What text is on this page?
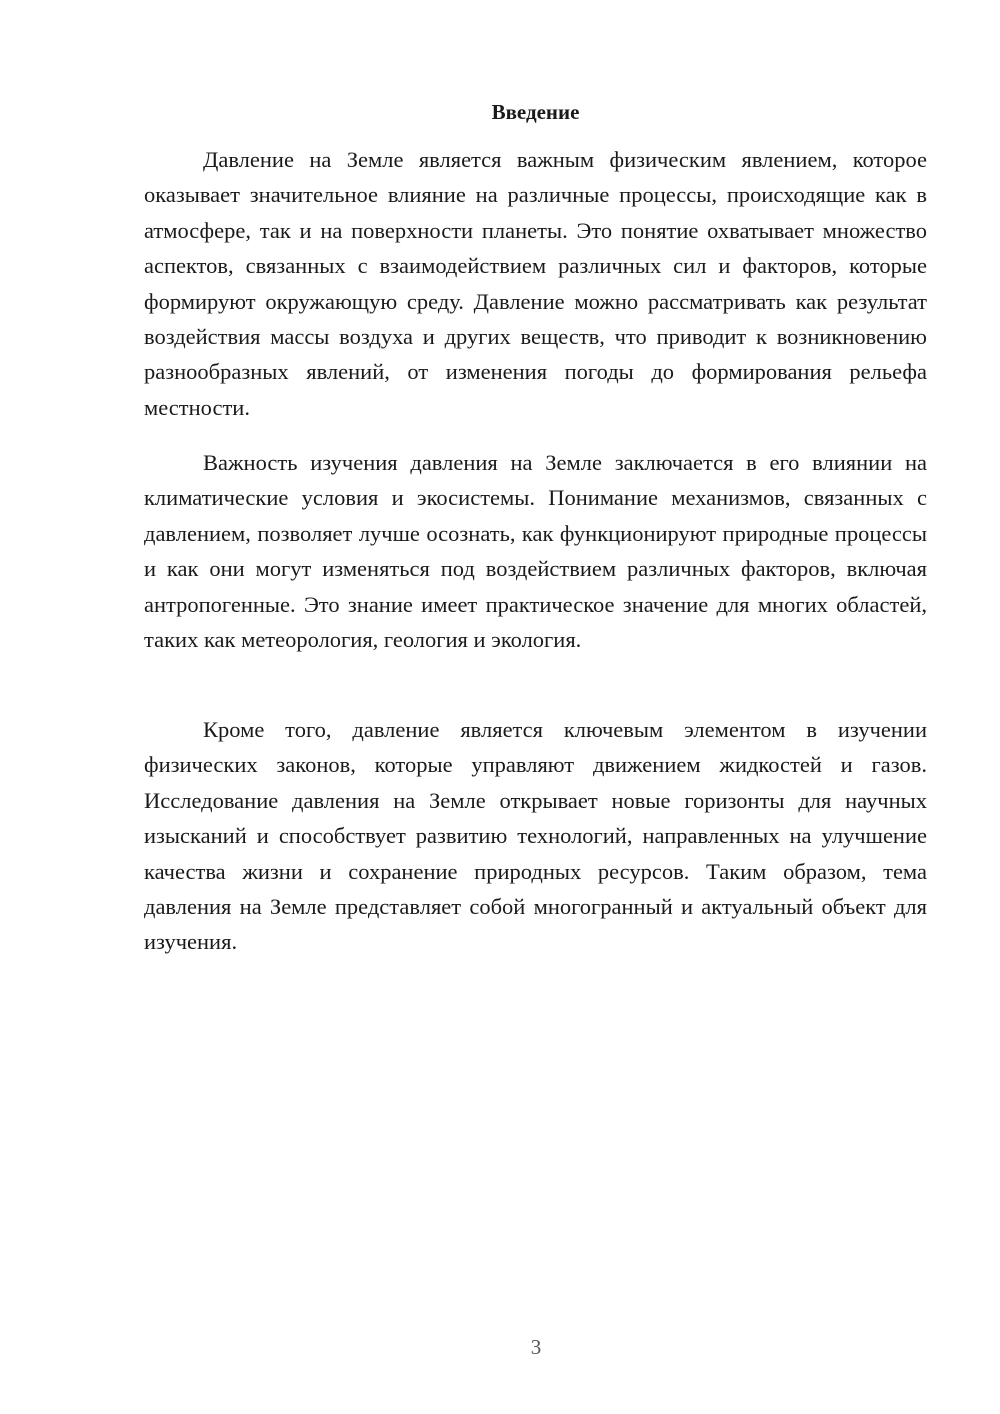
Введение

Давление на Земле является важным физическим явлением, которое оказывает значительное влияние на различные процессы, происходящие как в атмосфере, так и на поверхности планеты. Это понятие охватывает множество аспектов, связанных с взаимодействием различных сил и факторов, которые формируют окружающую среду. Давление можно рассматривать как результат воздействия массы воздуха и других веществ, что приводит к возникновению разнообразных явлений, от изменения погоды до формирования рельефа местности.

Важность изучения давления на Земле заключается в его влиянии на климатические условия и экосистемы. Понимание механизмов, связанных с давлением, позволяет лучше осознать, как функционируют природные процессы и как они могут изменяться под воздействием различных факторов, включая антропогенные. Это знание имеет практическое значение для многих областей, таких как метеорология, геология и экология.

Кроме того, давление является ключевым элементом в изучении физических законов, которые управляют движением жидкостей и газов. Исследование давления на Земле открывает новые горизонты для научных изысканий и способствует развитию технологий, направленных на улучшение качества жизни и сохранение природных ресурсов. Таким образом, тема давления на Земле представляет собой многогранный и актуальный объект для изучения.

3
